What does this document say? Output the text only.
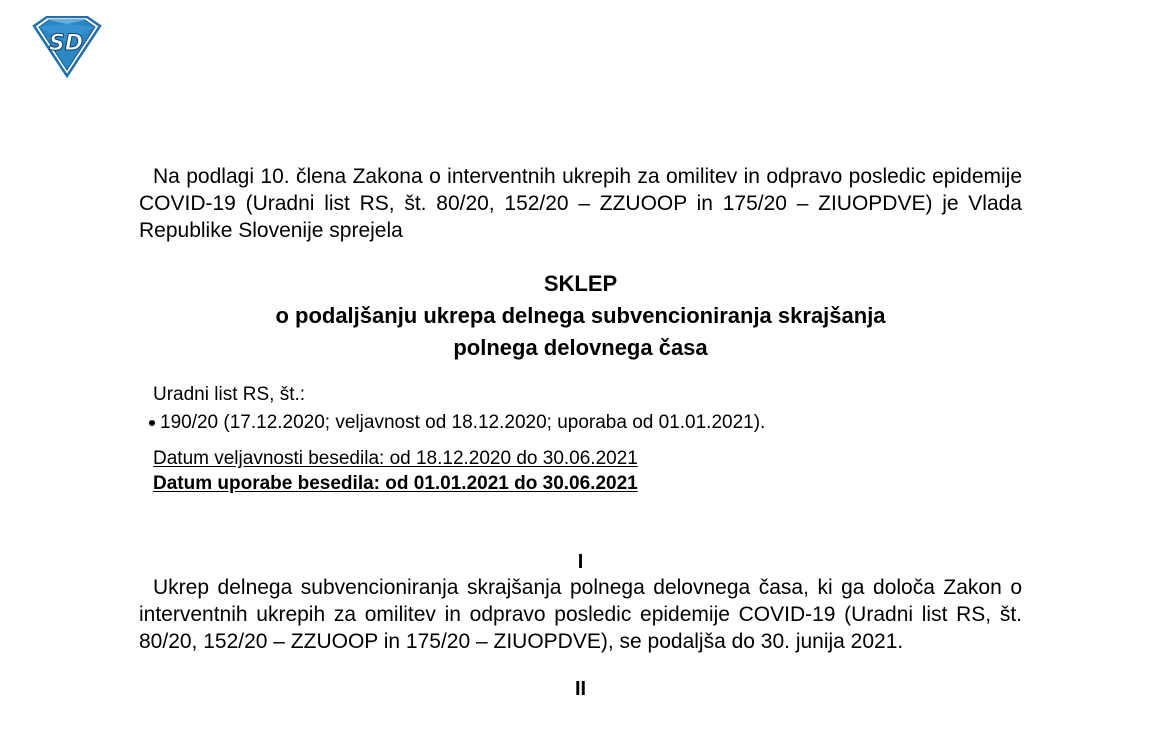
SD

Na podlagi 10. člena Zakona o interventnih ukrepih za omilitev in odpravo posledic epidemije COVID-19 (Uradni list RS, št. 80/20, 152/20 – ZZUOOP in 175/20 – ZIUOPDVE) je Vlada Republike Slovenije sprejela

SKLEP
o podaljšanju ukrepa delnega subvencioniranja skrajšanja
polnega delovnega časa
Uradni list RS, št.:
190/20 (17.12.2020; veljavnost od 18.12.2020; uporaba od 01.01.2021).
Datum veljavnosti besedila: od 18.12.2020 do 30.06.2021
Datum uporabe besedila: od 01.01.2021 do 30.06.2021
I

Ukrep delnega subvencioniranja skrajšanja polnega delovnega časa, ki ga določa Zakon o interventnih ukrepih za omilitev in odpravo posledic epidemije COVID-19 (Uradni list RS, št. 80/20, 152/20 – ZZUOOP in 175/20 – ZIUOPDVE), se podaljša do 30. junija 2021.

II
